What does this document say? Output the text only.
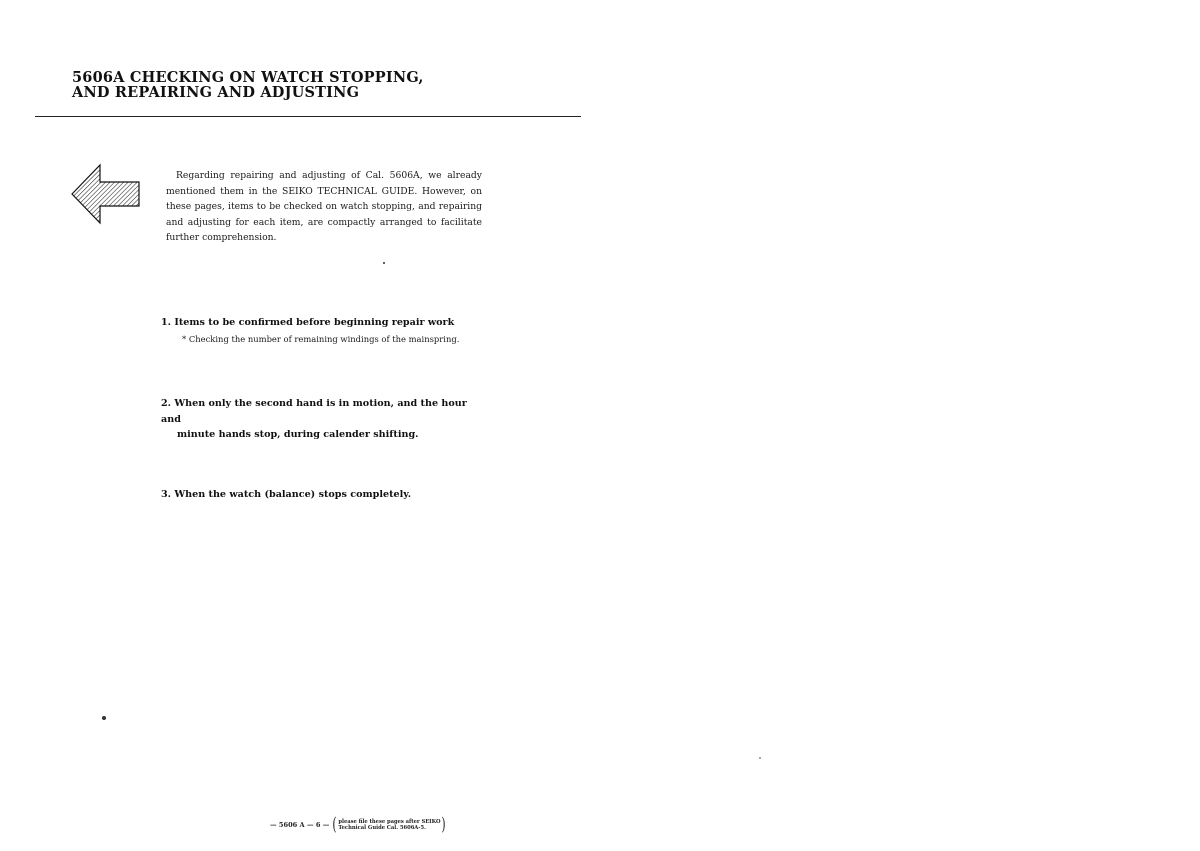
5606A CHECKING ON WATCH STOPPING,
AND REPAIRING AND ADJUSTING

Regarding repairing and adjusting of Cal. 5606A, we already mentioned them in the SEIKO TECHNICAL GUIDE. However, on these pages, items to be checked on watch stopping, and repairing and adjusting for each item, are compactly arranged to facilitate further comprehension.

1. Items to be confirmed before beginning repair work

* Checking the number of remaining windings of the mainspring.

2. When only the second hand is in motion, and the hour and
minute hands stop, during calender shifting.
3. When the watch (balance) stops completely.
— 5606 A — 6 — ( please file these pages after SEIKO
Technical Guide Cal. 5606A-5. )
